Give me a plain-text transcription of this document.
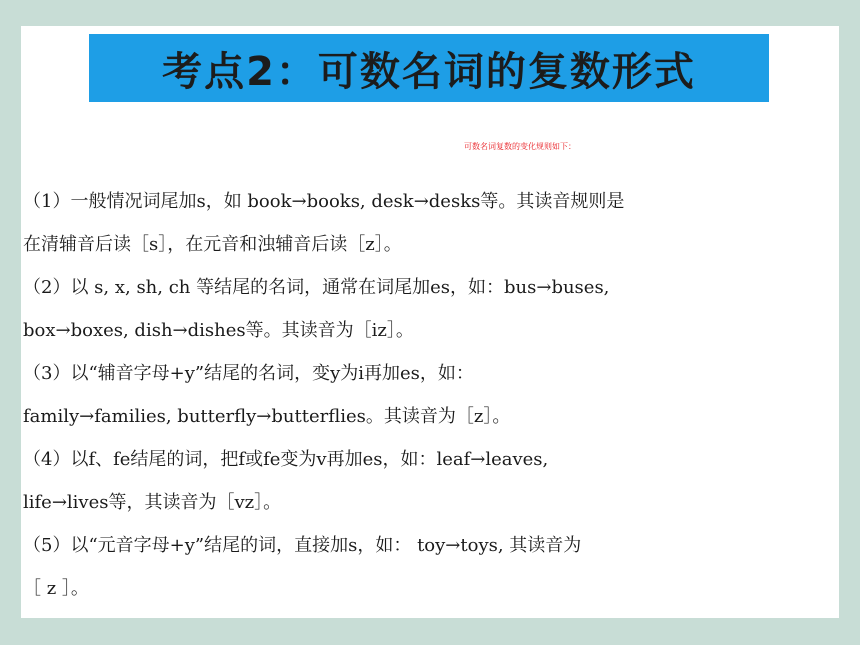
考点2：可数名词的复数形式
可数名词复数的变化规则如下：
（1）一般情况词尾加s，如 book→books, desk→desks等。其读音规则是
在清辅音后读［s］，在元音和浊辅音后读［z］。
（2）以 s, x, sh, ch 等结尾的名词，通常在词尾加es，如：bus→buses,
box→boxes, dish→dishes等。其读音为［iz］。
（3）以“辅音字母+y”结尾的名词，变y为i再加es，如：
family→families, butterfly→butterflies。其读音为［z］。
（4）以f、fe结尾的词，把f或fe变为v再加es，如：leaf→leaves,
life→lives等，其读音为［vz］。
（5）以“元音字母+y”结尾的词，直接加s，如： toy→toys, 其读音为
［ z ］。
